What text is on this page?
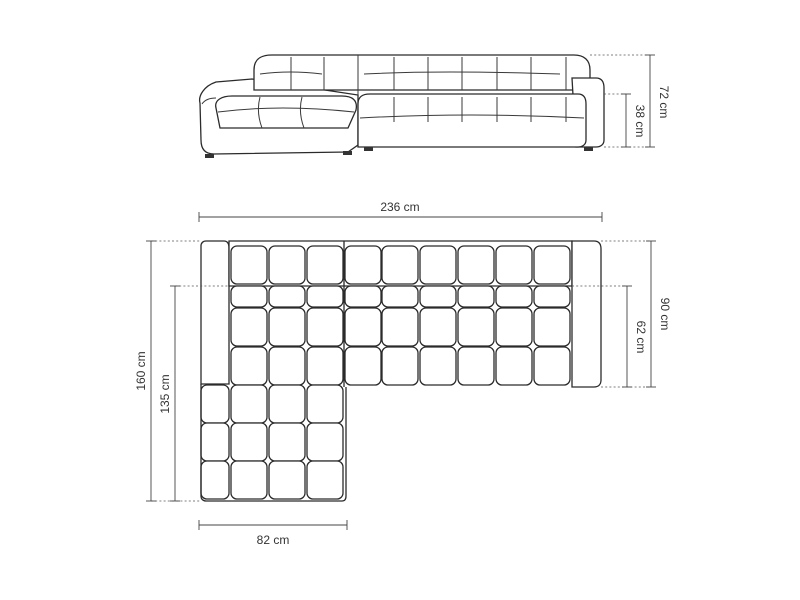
72 cm
38 cm
236 cm
90 cm
62 cm
160 cm
135 cm
82 cm
